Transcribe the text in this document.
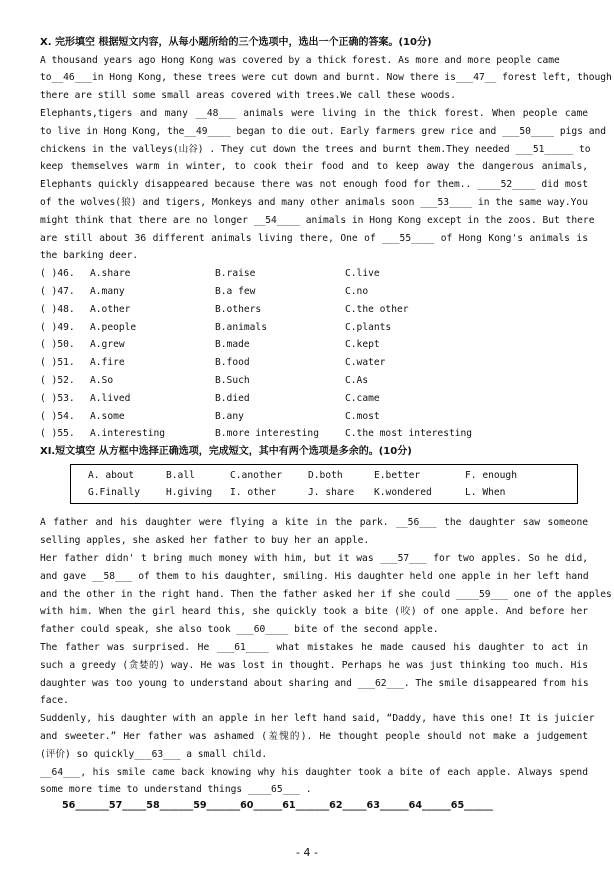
X. 完形填空 根据短文内容，从每小题所给的三个选项中，选出一个正确的答案。(10分)
A thousand years ago Hong Kong was covered by a thick forest. As more and more people came
to__46___in Hong Kong, these trees were cut down and burnt. Now there is___47__ forest left, though
there are still some small areas covered with trees.We call these woods.
Elephants,tigers and many __48___ animals were living in the thick forest. When people came
to live in Hong Kong, the__49____ began to die out. Early farmers grew rice and ___50____ pigs and
chickens in the valleys(山谷) . They cut down the trees and burnt them.They needed ___51_____ to
keep themselves warm in winter, to cook their food and to keep away the dangerous animals,
Elephants quickly disappeared because there was not enough food for them.. ____52____ did most
of the wolves(狼) and tigers, Monkeys and many other animals soon ___53____ in the same way.You
might think that there are no longer __54____ animals in Hong Kong except in the zoos. But there
are still about 36 different animals living there, One of ___55____ of Hong Kong's animals is
the barking deer.
( )46. A.share	B.raise	C.live
( )47. A.many	B.a few	C.no
( )48. A.other	B.others	C.the other
( )49. A.people	B.animals	C.plants
( )50. A.grew	B.made	C.kept
( )51. A.fire	B.food	C.water
( )52. A.So	B.Such	C.As
( )53. A.lived	B.died	C.came
( )54. A.some	B.any	C.most
( )55. A.interesting	B.more interesting	C.the most interesting
XI.短文填空 从方框中选择正确选项，完成短文，其中有两个选项是多余的。(10分)
A. about	B.all	C.another	D.both	E.better	F. enough
G.Finally	H.giving I. other	J. share K.wondered	L. When
A father and his daughter were flying a kite in the park. __56___ the daughter saw someone
selling apples, she asked her father to buy her an apple.
Her father didn' t bring much money with him, but it was ___57___ for two apples. So he did,
and gave __58___ of them to his daughter, smiling. His daughter held one apple in her left hand
and the other in the right hand. Then the father asked her if she could ____59___ one of the apples
with him. When the girl heard this, she quickly took a bite (咬) of one apple. And before her
father could speak, she also took ___60____ bite of the second apple.
The father was surprised. He ___61____ what mistakes he made caused his daughter to act in
such a greedy (贪婪的) way. He was lost in thought. Perhaps he was just thinking too much. His
daughter was too young to understand about sharing and ___62___. The smile disappeared from his
face.
Suddenly, his daughter with an apple in her left hand said, “Daddy, have this one! It is juicier
and sweeter.” Her father was ashamed (羞愧的). He thought people should not make a judgement
(评价) so quickly___63___ a small child.
__64___, his smile came back knowing why his daughter took a bite of each apple. Always spend
some more time to understand things ____65___ .
56_______57_____58_______59_______60______61_______62_____63______64______65______
- 4 -
